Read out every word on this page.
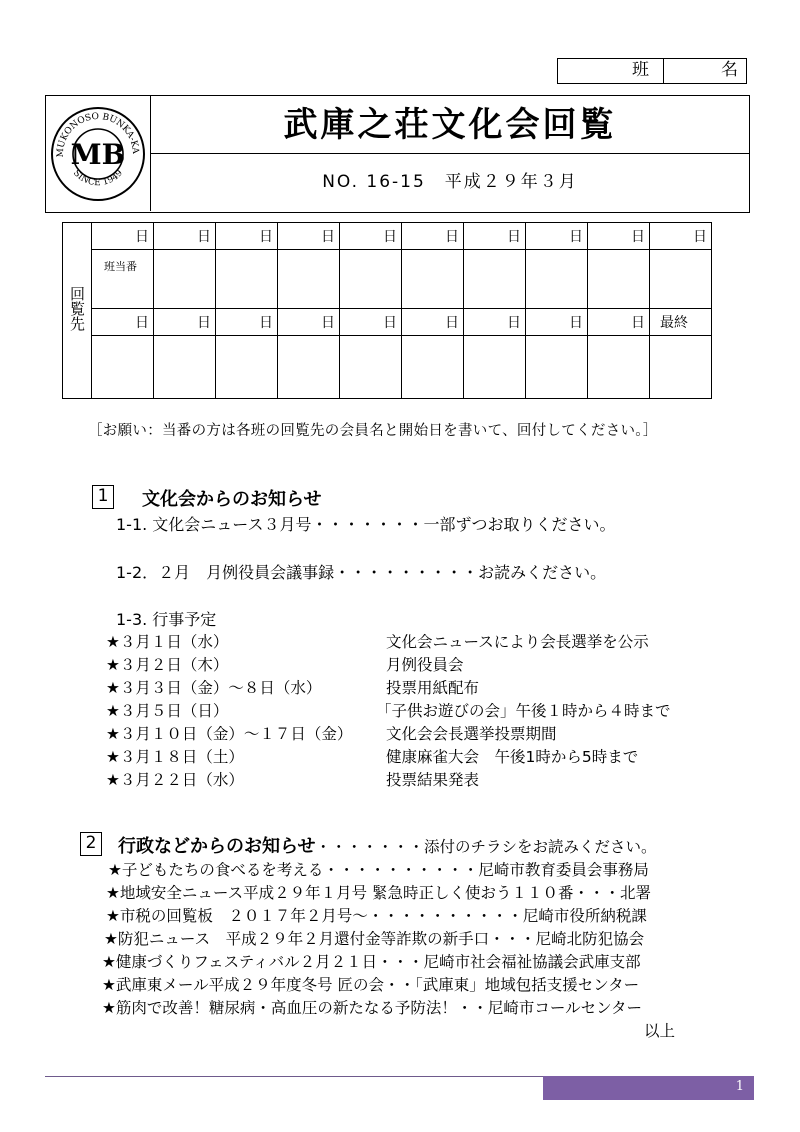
班	名
MUKONOSO BUNKA-KA
SINCE 1949
MB
武庫之荘文化会回覧
NO. 16-15　平成２９年３月
回覧先	日	日	日	日	日	日	日	日	日	日

	班当番									

	日	日	日	日	日	日	日	日	日	最終

［お願い：当番の方は各班の回覧先の会員名と開始日を書いて、回付してください。］
1	文化会からのお知らせ
1-1. 文化会ニュース３月号・・・・・・・一部ずつお取りください。
1-2．２月　月例役員会議事録・・・・・・・・・お読みください。
1-3. 行事予定
★３月１日（水）	文化会ニュースにより会長選挙を公示
★３月２日（木）	月例役員会
★３月３日（金）～８日（水）	投票用紙配布
★３月５日（日）	「子供お遊びの会」午後１時から４時まで
★３月１０日（金）～１７日（金） 文化会会長選挙投票期間
★３月１８日（土）	健康麻雀大会　午後1時から5時まで
★３月２２日（水）	投票結果発表
2	行政などからのお知らせ・・・・・・・添付のチラシをお読みください。
★子どもたちの食べるを考える・・・・・・・・・・尼崎市教育委員会事務局
★地域安全ニュース平成２９年１月号 緊急時正しく使おう１１０番・・・北署
★市税の回覧板　２０１７年２月号～・・・・・・・・・・尼崎市役所納税課
★防犯ニュース　平成２９年２月還付金等詐欺の新手口・・・尼崎北防犯協会
★健康づくりフェスティバル２月２１日・・・尼崎市社会福祉協議会武庫支部
★武庫東メール平成２９年度冬号 匠の会・・「武庫東」地域包括支援センター
★筋肉で改善！糖尿病・高血圧の新たなる予防法！・・尼崎市コールセンター
以上
1
